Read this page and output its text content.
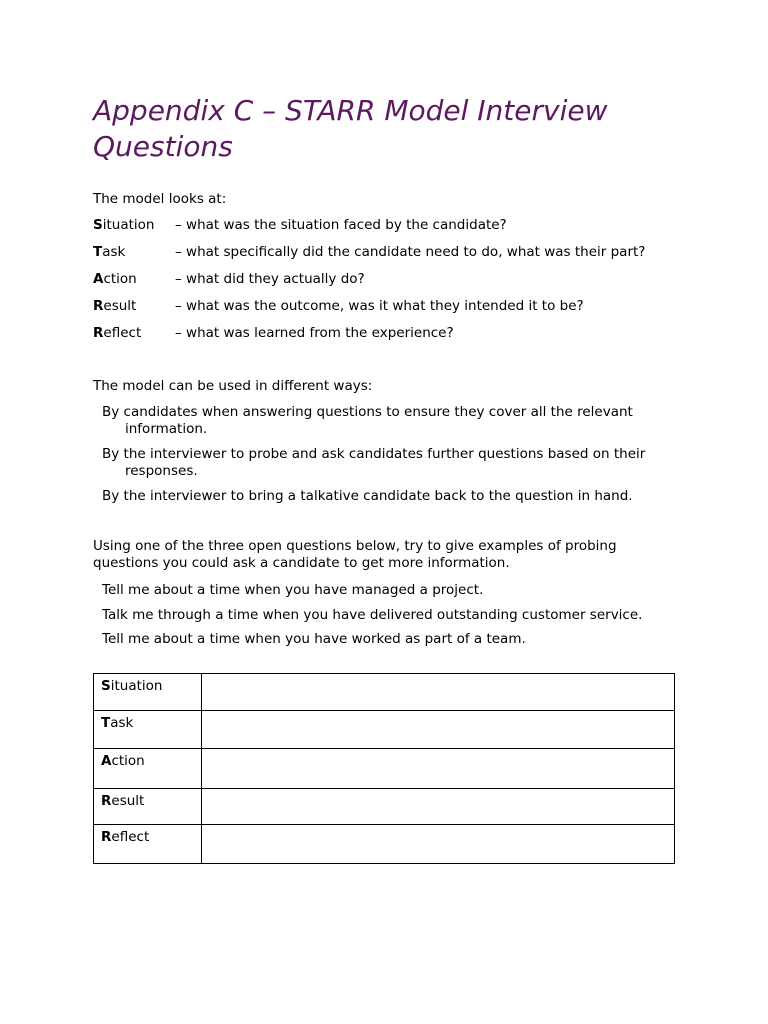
Appendix C – STARR Model Interview Questions

The model looks at:

Situation	– what was the situation faced by the candidate?
Task	– what specifically did the candidate need to do, what was their part?
Action	– what did they actually do?
Result	– what was the outcome, was it what they intended it to be?
Reflect	– what was learned from the experience?

The model can be used in different ways:

By candidates when answering questions to ensure they cover all the relevant information.
By the interviewer to probe and ask candidates further questions based on their responses.
By the interviewer to bring a talkative candidate back to the question in hand.

Using one of the three open questions below, try to give examples of probing questions you could ask a candidate to get more information.

Tell me about a time when you have managed a project.
Talk me through a time when you have delivered outstanding customer service.
Tell me about a time when you have worked as part of a team.
Situation	
Task	
Action	
Result	
Reflect	
